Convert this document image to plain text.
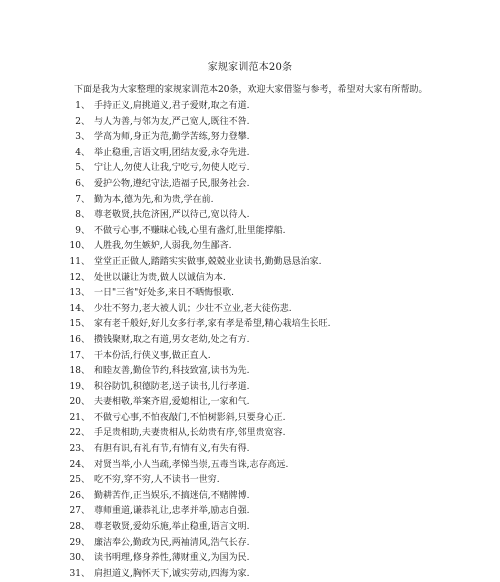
家规家训范本20条
下面是我为大家整理的家规家训范本20条，欢迎大家借鉴与参考，希望对大家有所帮助。
1、 手持正义,肩挑道义,君子爱财,取之有道.
2、 与人为善,与邻为友,严己宽人,既往不咎.
3、 学高为师,身正为范,勤学苦练,努力登攀.
4、 举止稳重,言语文明,团结友爱,永夺先进.
5、 宁让人,勿使人让我,宁吃亏,勿使人吃亏.
6、 爱护公物,遵纪守法,造福子民,服务社会.
7、 勤为本,德为先,和为贵,学在前.
8、 尊老敬贤,扶危济困,严以待己,宽以待人.
9、 不做亏心事,不赚昧心钱,心里有盏灯,肚里能撑船.
10、 人胜我,勿生嫉妒,人弱我,勿生鄙吝.
11、 堂堂正正做人,踏踏实实做事,兢兢业业读书,勤勤恳恳治家.
12、 处世以谦让为贵,做人以诚信为本.
13、 一日"三省"好处多,来日不晒悔恨歌.
14、 少壮不努力,老大被人讥；少壮不立业,老大徒伤悲.
15、 家有老千般好,好儿女多行孝,家有孝是希望,精心栽培生长旺.
16、 攒钱聚财,取之有道,男女老幼,处之有方.
17、 干本份活,行侠义事,做正直人.
18、 和睦友善,勤俭节约,科技致富,读书为先.
19、 积谷防饥,积德防老,送子读书,儿行孝道.
20、 夫妻相敬,举案齐眉,爱媳相让,一家和气.
21、 不做亏心事,不怕夜敲门,不怕树影斜,只要身心正.
22、 手足贵相助,夫妻贵相从,长幼贵有序,邻里贵宽容.
23、 有胆有识,有礼有节,有情有义,有失有得.
24、 对贤当举,小人当疏,孝悌当崇,五毒当诛,志存高远.
25、 吃不穷,穿不穷,人不读书一世穷.
26、 勤耕苦作,正当娱乐,不搞迷信,不赌牌博.
27、 尊师重道,谦恭礼让,忠孝并举,励志自强.
28、 尊老敬贤,爱幼乐施,举止稳重,语言文明.
29、 廉洁奉公,勤政为民,两袖清风,浩气长存.
30、 读书明理,修身养性,薄财重义,为国为民.
31、 肩担道义,胸怀天下,诚实劳动,四海为家.
